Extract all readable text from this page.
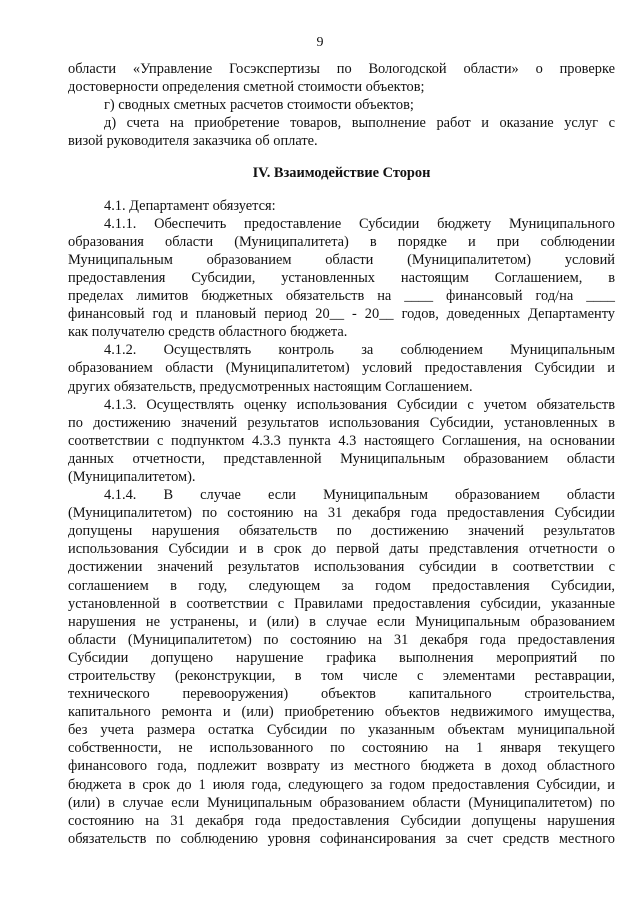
9
области «Управление Госэкспертизы по Вологодской области» о проверке
достоверности определения сметной стоимости объектов;
г) сводных сметных расчетов стоимости объектов;
д) счета на приобретение товаров, выполнение работ и оказание услуг с
визой руководителя заказчика об оплате.
IV. Взаимодействие Сторон
4.1. Департамент обязуется:
4.1.1. Обеспечить предоставление Субсидии бюджету Муниципального
образования области (Муниципалитета) в порядке и при соблюдении
Муниципальным образованием области (Муниципалитетом) условий
предоставления Субсидии, установленных настоящим Соглашением, в
пределах лимитов бюджетных обязательств на ____ финансовый год/на ____
финансовый год и плановый период 20__ - 20__ годов, доведенных Департаменту
как получателю средств областного бюджета.
4.1.2. Осуществлять контроль за соблюдением Муниципальным
образованием области (Муниципалитетом) условий предоставления Субсидии и
других обязательств, предусмотренных настоящим Соглашением.
4.1.3. Осуществлять оценку использования Субсидии с учетом обязательств
по достижению значений результатов использования Субсидии, установленных в
соответствии с подпунктом 4.3.3 пункта 4.3 настоящего Соглашения, на основании
данных отчетности, представленной Муниципальным образованием области
(Муниципалитетом).
4.1.4. В случае если Муниципальным образованием области
(Муниципалитетом) по состоянию на 31 декабря года предоставления Субсидии
допущены нарушения обязательств по достижению значений результатов
использования Субсидии и в срок до первой даты представления отчетности о
достижении значений результатов использования субсидии в соответствии с
соглашением в году, следующем за годом предоставления Субсидии,
установленной в соответствии с Правилами предоставления субсидии, указанные
нарушения не устранены, и (или) в случае если Муниципальным образованием
области (Муниципалитетом) по состоянию на 31 декабря года предоставления
Субсидии допущено нарушение графика выполнения мероприятий по
строительству (реконструкции, в том числе с элементами реставрации,
технического перевооружения) объектов капитального строительства,
капитального ремонта и (или) приобретению объектов недвижимого имущества,
без учета размера остатка Субсидии по указанным объектам муниципальной
собственности, не использованного по состоянию на 1 января текущего
финансового года, подлежит возврату из местного бюджета в доход областного
бюджета в срок до 1 июля года, следующего за годом предоставления Субсидии, и
(или) в случае если Муниципальным образованием области (Муниципалитетом) по
состоянию на 31 декабря года предоставления Субсидии допущены нарушения
обязательств по соблюдению уровня софинансирования за счет средств местного
